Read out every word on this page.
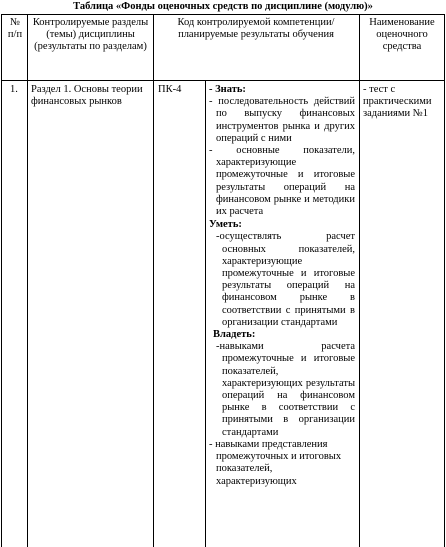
Таблица «Фонды оценочных средств по дисциплине (модулю)»
№ п/п
Контролируемые разделы (темы) дисциплины (результаты по разделам)
Код контролируемой компетенции/планируемые результаты обучения
Наименование оценочного средства
1. Раздел 1. Основы теории финансовых рынков
ПК-4	- Знать:
- последовательность действий по выпуску финансовых инструментов рынка и других операций с ними
- основные показатели, характеризующие промежуточные и итоговые результаты операций на финансовом рынке и методики их расчета
Уметь:
-осуществлять расчет основных показателей, характеризующие промежуточные и итоговые результаты операций на финансовом рынке в соответствии с принятыми в организации стандартами
Владеть:
-навыками расчета промежуточные и итоговые показателей, характеризующих результаты операций на финансовом рынке в соответствии с принятыми в организации стандартами
- навыками представления промежуточных и итоговых показателей, характеризующих
- тест с практическими заданиями №1
